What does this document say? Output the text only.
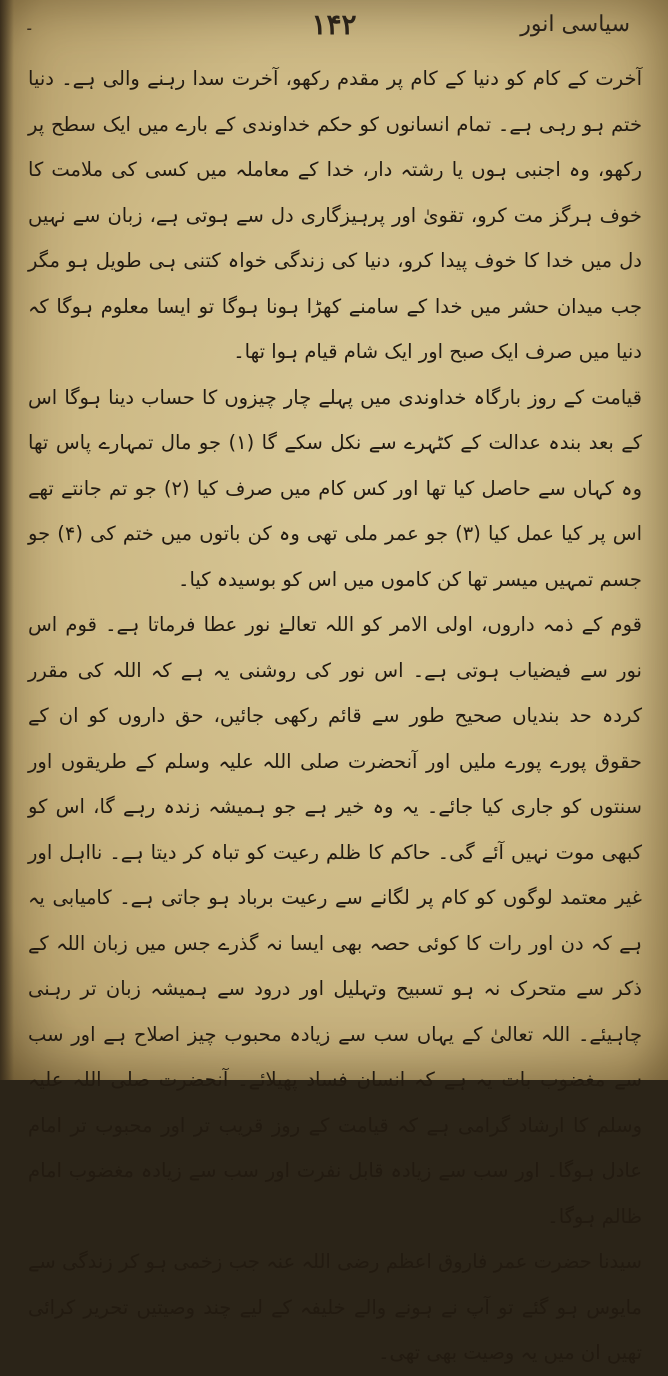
سیاسی انور
۱۴۲
۔

آخرت کے کام کو دنیا کے کام پر مقدم رکھو، آخرت سدا رہنے والی ہے۔ دنیا ختم ہو رہی ہے۔ تمام انسانوں کو حکم خداوندی کے بارے میں ایک سطح پر رکھو، وہ اجنبی ہوں یا رشتہ دار، خدا کے معاملہ میں کسی کی ملامت کا خوف ہرگز مت کرو، تقویٰ اور پرہیزگاری دل سے ہوتی ہے، زبان سے نہیں دل میں خدا کا خوف پیدا کرو، دنیا کی زندگی خواہ کتنی ہی طویل ہو مگر جب میدان حشر میں خدا کے سامنے کھڑا ہونا ہوگا تو ایسا معلوم ہوگا کہ دنیا میں صرف ایک صبح اور ایک شام قیام ہوا تھا۔

قیامت کے روز بارگاہ خداوندی میں پہلے چار چیزوں کا حساب دینا ہوگا اس کے بعد بندہ عدالت کے کٹہرے سے نکل سکے گا (۱) جو مال تمہارے پاس تھا وہ کہاں سے حاصل کیا تھا اور کس کام میں صرف کیا (۲) جو تم جانتے تھے اس پر کیا عمل کیا (۳) جو عمر ملی تھی وہ کن باتوں میں ختم کی (۴) جو جسم تمہیں میسر تھا کن کاموں میں اس کو بوسیدہ کیا۔

قوم کے ذمہ داروں، اولی الامر کو اللہ تعالےٰ نور عطا فرماتا ہے۔ قوم اس نور سے فیضیاب ہوتی ہے۔ اس نور کی روشنی یہ ہے کہ اللہ کی مقرر کردہ حد بندیاں صحیح طور سے قائم رکھی جائیں، حق داروں کو ان کے حقوق پورے پورے ملیں اور آنحضرت صلی اللہ علیہ وسلم کے طریقوں اور سنتوں کو جاری کیا جائے۔ یہ وہ خیر ہے جو ہمیشہ زندہ رہے گا، اس کو کبھی موت نہیں آئے گی۔ حاکم کا ظلم رعیت کو تباہ کر دیتا ہے۔ نااہل اور غیر معتمد لوگوں کو کام پر لگانے سے رعیت برباد ہو جاتی ہے۔ کامیابی یہ ہے کہ دن اور رات کا کوئی حصہ بھی ایسا نہ گذرے جس میں زبان اللہ کے ذکر سے متحرک نہ ہو تسبیح وتہلیل اور درود سے ہمیشہ زبان تر رہنی چاہیئے۔ اللہ تعالیٰ کے یہاں سب سے زیادہ محبوب چیز اصلاح ہے اور سب سے مغضوب بات یہ ہے کہ انسان فساد پھیلائے۔ آنحضرت صلی اللہ علیہ وسلم کا ارشاد گرامی ہے کہ قیامت کے روز قریب تر اور محبوب تر امام عادل ہوگا۔ اور سب سے زیادہ قابل نفرت اور سب سے زیادہ مغضوب امام ظالم ہوگا۔

سیدنا حضرت عمر فاروق اعظم رضی اللہ عنہ جب زخمی ہو کر زندگی سے مایوس ہو گئے تو آپ نے ہونے والے خلیفہ کے لیے چند وصیتیں تحریر کرائی تھیں ان میں یہ وصیت بھی تھی۔
